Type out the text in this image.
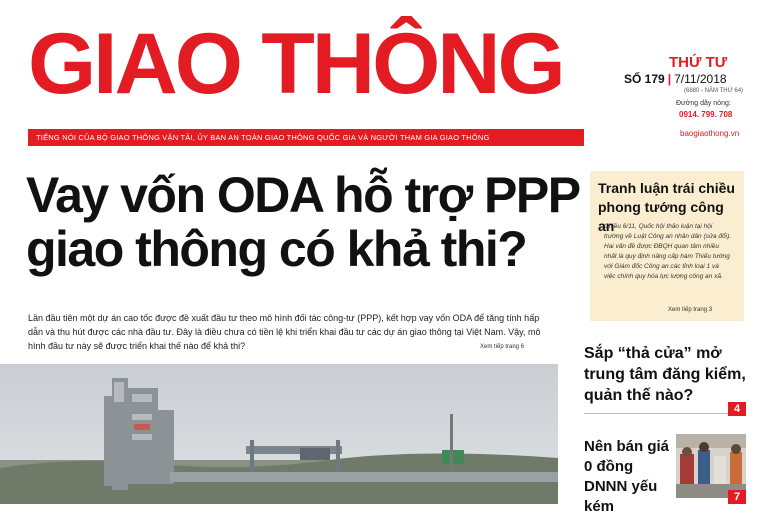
GIAO THÔNG
TIẾNG NÓI CỦA BỘ GIAO THÔNG VẬN TẢI, ỦY BAN AN TOÀN GIAO THÔNG QUỐC GIA VÀ NGƯỜI THAM GIA GIAO THÔNG
THỨ TƯ
SỐ 179 | 7/11/2018
(6880 - NĂM THỨ 64)
Đường dây nóng:
0914. 799. 708
baogiaothong.vn
Vay vốn ODA hỗ trợ PPP
giao thông có khả thi?
Lần đầu tiên một dự án cao tốc được đề xuất đầu tư theo mô hình đối tác công-tư (PPP), kết hợp vay vốn ODA để tăng tính hấp dẫn và thu hút được các nhà đầu tư. Đây là điều chưa có tiền lệ khi triển khai đầu tư các dự án giao thông tại Việt Nam. Vậy, mô hình đầu tư này sẽ được triển khai thế nào để khả thi?	Xem tiếp trang 6
Tranh luận trái chiều phong tướng công an
Chiều 6/11, Quốc hội thảo luận tại hội trường về Luật Công an nhân dân (sửa đổi). Hai vấn đề được ĐBQH quan tâm nhiều nhất là quy định nâng cấp hàm Thiếu tướng với Giám đốc Công an các tỉnh loại 1 và việc chính quy hóa lực lượng công an xã.
Xem tiếp trang 3
Sắp “thả cửa” mở trung tâm đăng kiểm, quản thế nào?
4
Nên bán giá 0 đồng DNNN yếu kém
7
